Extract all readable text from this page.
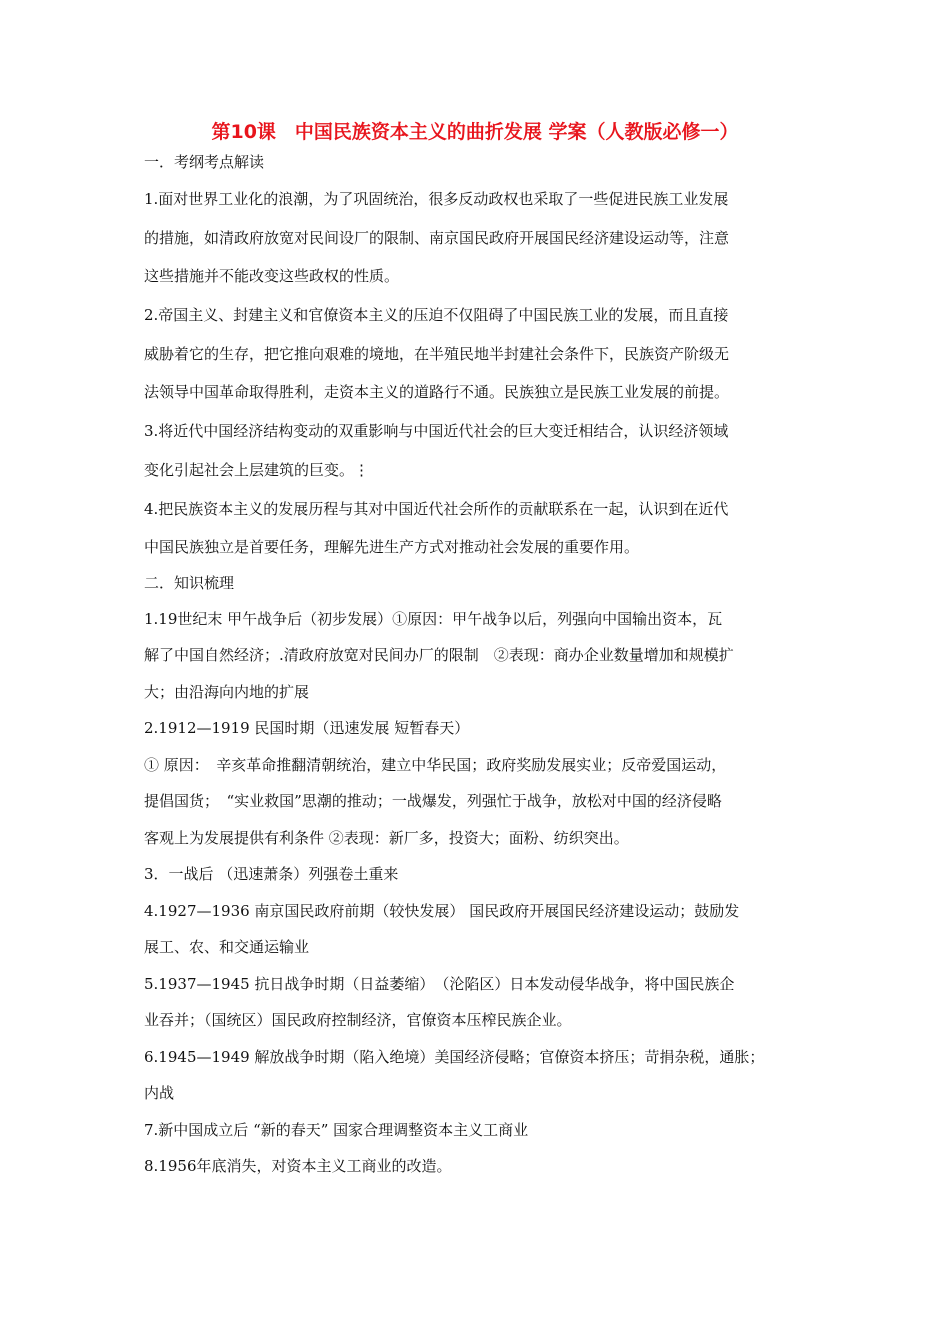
第10课　中国民族资本主义的曲折发展 学案（人教版必修一）
一．考纲考点解读
1.面对世界工业化的浪潮，为了巩固统治，很多反动政权也采取了一些促进民族工业发展
的措施，如清政府放宽对民间设厂的限制、南京国民政府开展国民经济建设运动等，注意
这些措施并不能改变这些政权的性质。
2.帝国主义、封建主义和官僚资本主义的压迫不仅阻碍了中国民族工业的发展，而且直接
威胁着它的生存，把它推向艰难的境地，在半殖民地半封建社会条件下，民族资产阶级无
法领导中国革命取得胜利，走资本主义的道路行不通。民族独立是民族工业发展的前提。
3.将近代中国经济结构变动的双重影响与中国近代社会的巨大变迁相结合，认识经济领域
变化引起社会上层建筑的巨变。⋮
4.把民族资本主义的发展历程与其对中国近代社会所作的贡献联系在一起，认识到在近代
中国民族独立是首要任务，理解先进生产方式对推动社会发展的重要作用。
二．知识梳理
1.19世纪末 甲午战争后（初步发展）①原因：甲午战争以后，列强向中国输出资本，瓦
解了中国自然经济；.清政府放宽对民间办厂的限制　②表现：商办企业数量增加和规模扩
大；由沿海向内地的扩展
2.1912—1919 民国时期（迅速发展 短暂春天）
① 原因：　辛亥革命推翻清朝统治，建立中华民国；政府奖励发展实业；反帝爱国运动，
提倡国货；　“实业救国”思潮的推动；一战爆发，列强忙于战争，放松对中国的经济侵略
客观上为发展提供有利条件 ②表现：新厂多，投资大；面粉、纺织突出。
3．一战后 （迅速萧条）列强卷土重来
4.1927—1936 南京国民政府前期（较快发展） 国民政府开展国民经济建设运动；鼓励发
展工、农、和交通运输业
5.1937—1945 抗日战争时期（日益萎缩）　（沦陷区）日本发动侵华战争，将中国民族企
业吞并；（国统区）国民政府控制经济，官僚资本压榨民族企业。
6.1945—1949 解放战争时期（陷入绝境）美国经济侵略；官僚资本挤压；苛捐杂税，通胀；
内战
7.新中国成立后 “新的春天” 国家合理调整资本主义工商业
8.1956年底消失，对资本主义工商业的改造。
